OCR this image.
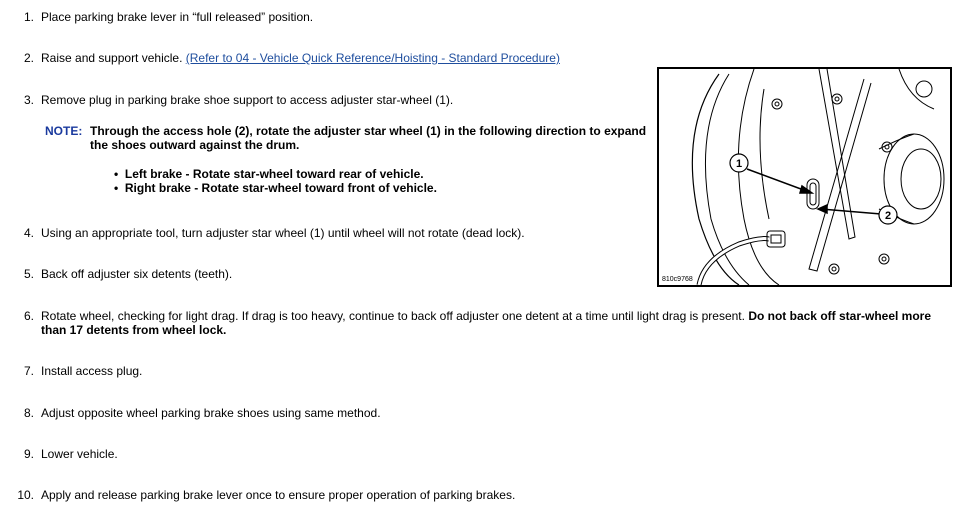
1. Place parking brake lever in “full released” position.
2. Raise and support vehicle. (Refer to 04 - Vehicle Quick Reference/Hoisting - Standard Procedure)
3. Remove plug in parking brake shoe support to access adjuster star-wheel (1).
NOTE: Through the access hole (2), rotate the adjuster star wheel (1) in the following direction to expand the shoes outward against the drum.
•  Left brake - Rotate star-wheel toward rear of vehicle.
•  Right brake - Rotate star-wheel toward front of vehicle.
4. Using an appropriate tool, turn adjuster star wheel (1) until wheel will not rotate (dead lock).
5. Back off adjuster six detents (teeth).
6. Rotate wheel, checking for light drag. If drag is too heavy, continue to back off adjuster one detent at a time until light drag is present. Do not back off star-wheel more than 17 detents from wheel lock.
7. Install access plug.
8. Adjust opposite wheel parking brake shoes using same method.
9. Lower vehicle.
10. Apply and release parking brake lever once to ensure proper operation of parking brakes.
1
2
810c9768
